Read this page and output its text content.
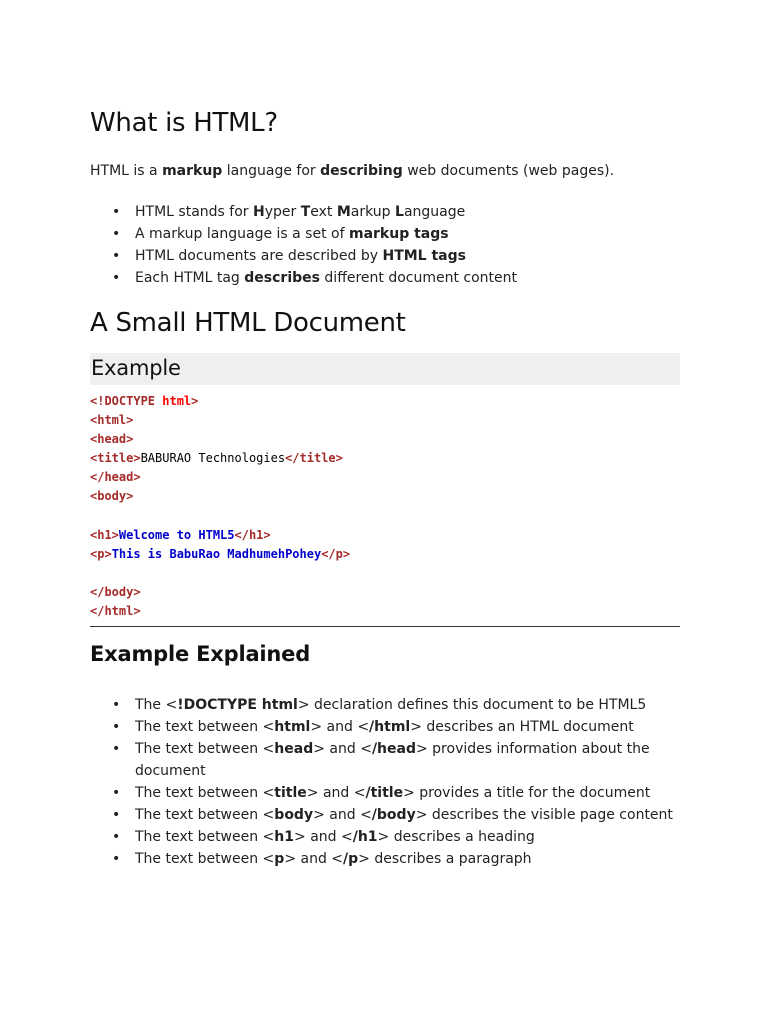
What is HTML?

HTML is a markup language for describing web documents (web pages).

• HTML stands for Hyper Text Markup Language
• A markup language is a set of markup tags
• HTML documents are described by HTML tags
• Each HTML tag describes different document content
A Small HTML Document
Example
<!DOCTYPE html>
<html>
<head>
<title>BABURAO Technologies</title>
</head>
<body>

<h1>Welcome to HTML5</h1>
<p>This is BabuRao MadhumehPohey</p>

</body>
</html>
Example Explained
• The <!DOCTYPE html> declaration defines this document to be HTML5
• The text between <html> and </html> describes an HTML document
• The text between <head> and </head> provides information about the document
• The text between <title> and </title> provides a title for the document
• The text between <body> and </body> describes the visible page content
• The text between <h1> and </h1> describes a heading
• The text between <p> and </p> describes a paragraph
